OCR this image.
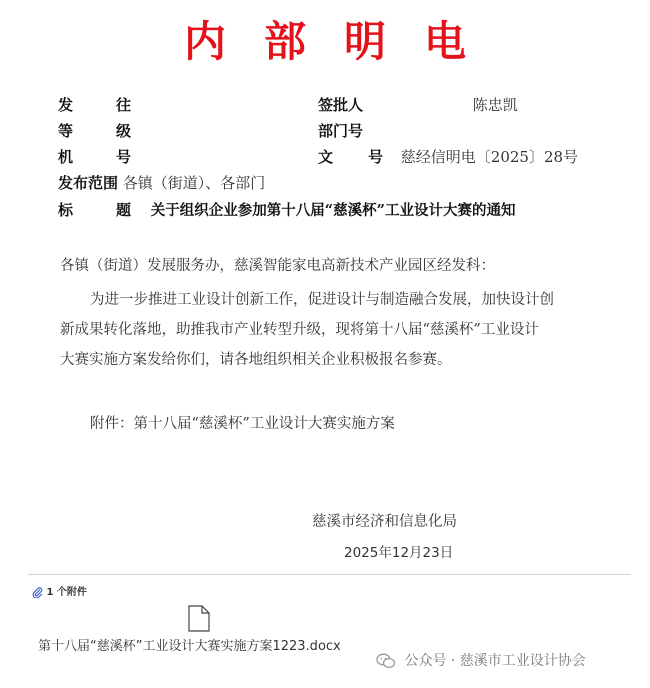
内部明电
发　往
等　级
机　号
发布范围 各镇（街道）、各部门
标　题 关于组织企业参加第十八届“慈溪杯”工业设计大赛的通知
签批人	陈忠凯
部门号
文　号 慈经信明电〔2025〕28号
各镇（街道）发展服务办，慈溪智能家电高新技术产业园区经发科：
为进一步推进工业设计创新工作，促进设计与制造融合发展，加快设计创
新成果转化落地，助推我市产业转型升级，现将第十八届“慈溪杯”工业设计
大赛实施方案发给你们，请各地组织相关企业积极报名参赛。
附件：第十八届“慈溪杯”工业设计大赛实施方案
慈溪市经济和信息化局
2025年12月23日
1 个附件
第十八届“慈溪杯”工业设计大赛实施方案1223.docx
公众号 · 慈溪市工业设计协会
